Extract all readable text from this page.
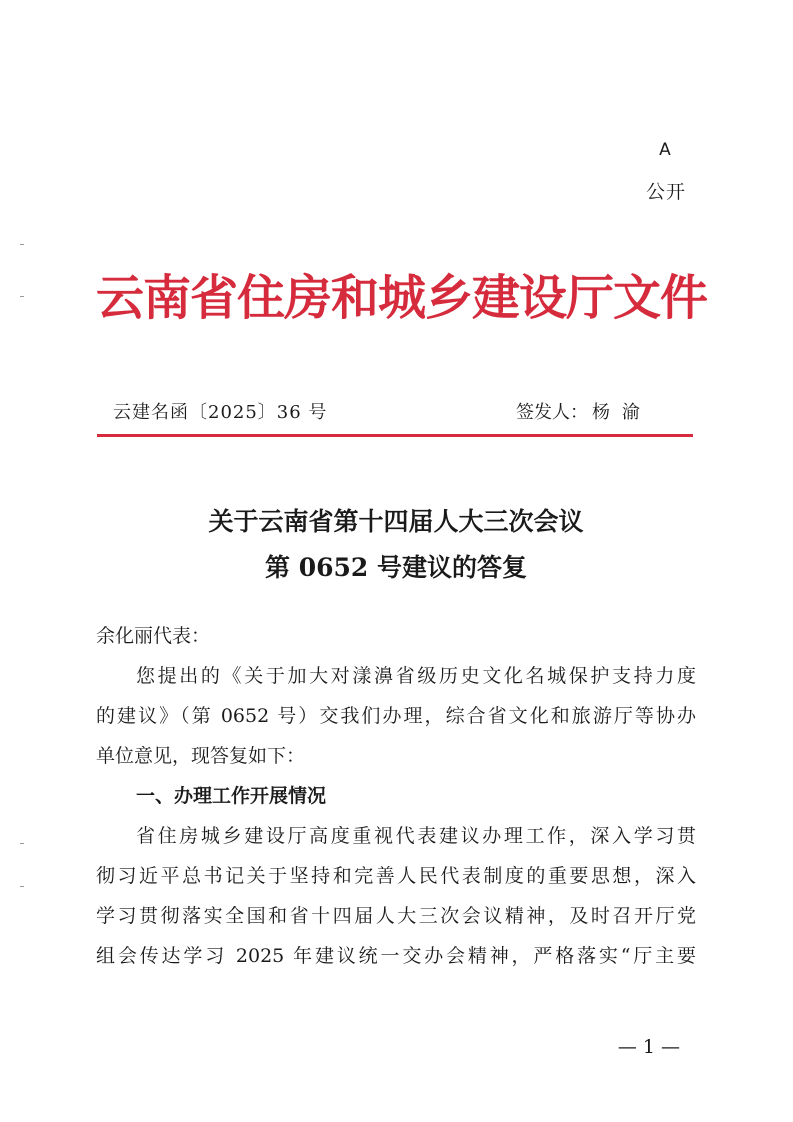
A
公开
云南省住房和城乡建设厅文件
云建名函〔2025〕36 号	签发人： 杨渝
关于云南省第十四届人大三次会议
第 0652 号建议的答复
余化丽代表：
您提出的《关于加大对漾濞省级历史文化名城保护支持力度
的建议》（第 0652 号）交我们办理，综合省文化和旅游厅等协办
单位意见，现答复如下：
一、办理工作开展情况
省住房城乡建设厅高度重视代表建议办理工作，深入学习贯
彻习近平总书记关于坚持和完善人民代表制度的重要思想，深入
学习贯彻落实全国和省十四届人大三次会议精神，及时召开厅党
组会传达学习 2025 年建议统一交办会精神，严格落实“厅主要
— 1 —
